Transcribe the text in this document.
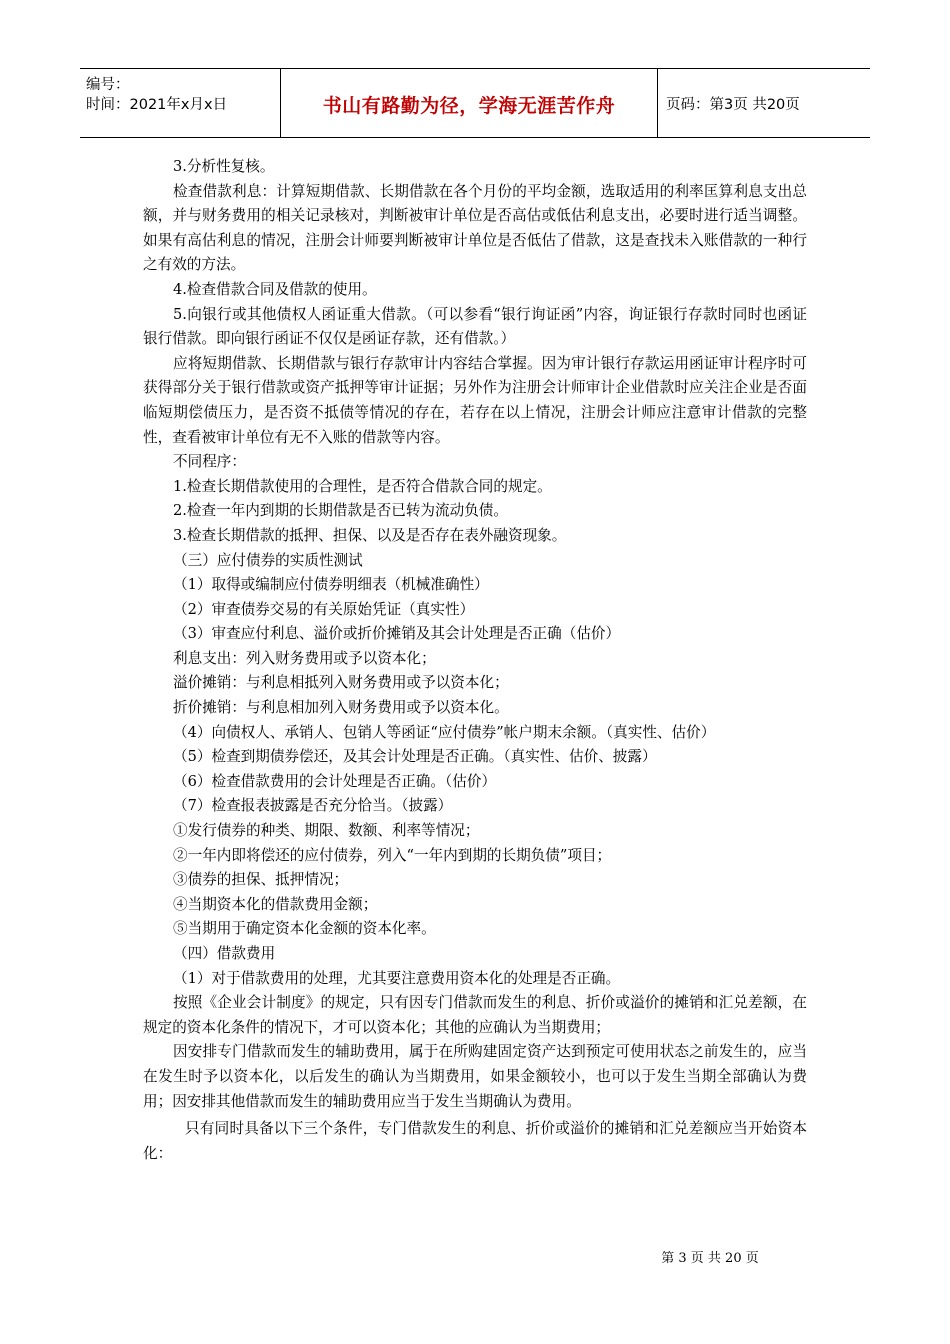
编号：
时间：2021年x月x日	书山有路勤为径，学海无涯苦作舟	页码：第3页 共20页

3.分析性复核。

检查借款利息：计算短期借款、长期借款在各个月份的平均金额，选取适用的利率匡算利息支出总额，并与财务费用的相关记录核对，判断被审计单位是否高估或低估利息支出，必要时进行适当调整。如果有高估利息的情况，注册会计师要判断被审计单位是否低估了借款，这是查找未入账借款的一种行之有效的方法。

4.检查借款合同及借款的使用。

5.向银行或其他债权人函证重大借款。（可以参看“银行询证函”内容，询证银行存款时同时也函证银行借款。即向银行函证不仅仅是函证存款，还有借款。）

应将短期借款、长期借款与银行存款审计内容结合掌握。因为审计银行存款运用函证审计程序时可获得部分关于银行借款或资产抵押等审计证据；另外作为注册会计师审计企业借款时应关注企业是否面临短期偿债压力，是否资不抵债等情况的存在，若存在以上情况，注册会计师应注意审计借款的完整性，查看被审计单位有无不入账的借款等内容。

不同程序：

1.检查长期借款使用的合理性，是否符合借款合同的规定。

2.检查一年内到期的长期借款是否已转为流动负债。

3.检查长期借款的抵押、担保、以及是否存在表外融资现象。

（三）应付债券的实质性测试

（1）取得或编制应付债券明细表（机械准确性）

（2）审查债券交易的有关原始凭证（真实性）

（3）审查应付利息、溢价或折价摊销及其会计处理是否正确（估价）

利息支出：列入财务费用或予以资本化；

溢价摊销：与利息相抵列入财务费用或予以资本化；

折价摊销：与利息相加列入财务费用或予以资本化。

（4）向债权人、承销人、包销人等函证“应付债券”帐户期末余额。（真实性、估价）

（5）检查到期债券偿还，及其会计处理是否正确。（真实性、估价、披露）

（6）检查借款费用的会计处理是否正确。（估价）

（7）检查报表披露是否充分恰当。（披露）

①发行债券的种类、期限、数额、利率等情况；

②一年内即将偿还的应付债券，列入“一年内到期的长期负债”项目；

③债券的担保、抵押情况；

④当期资本化的借款费用金额；

⑤当期用于确定资本化金额的资本化率。

（四）借款费用

（1）对于借款费用的处理，尤其要注意费用资本化的处理是否正确。

按照《企业会计制度》的规定，只有因专门借款而发生的利息、折价或溢价的摊销和汇兑差额，在规定的资本化条件的情况下，才可以资本化；其他的应确认为当期费用；

因安排专门借款而发生的辅助费用，属于在所购建固定资产达到预定可使用状态之前发生的，应当在发生时予以资本化，以后发生的确认为当期费用，如果金额较小，也可以于发生当期全部确认为费用；因安排其他借款而发生的辅助费用应当于发生当期确认为费用。

只有同时具备以下三个条件，专门借款发生的利息、折价或溢价的摊销和汇兑差额应当开始资本化：

第 3 页 共 20 页
